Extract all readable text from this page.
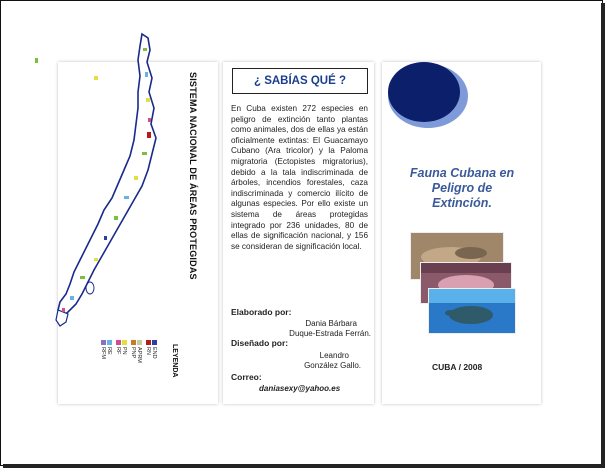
SISTEMA NACIONAL DE ÁREAS PROTEGIDAS
LEYENDA
END
RN
APRM
PNP
PN
RF
RE
RFM
¿ SABÍAS QUÉ ?
En Cuba existen 272 especies en peligro de extinción tanto plantas como animales, dos de ellas ya están oficialmente extintas: El Guacamayo Cubano (Ara tricolor) y la Paloma migratoria (Ectopistes migratorius), debido a la tala indiscriminada de árboles, incendios forestales, caza indiscriminada y comercio ilícito de algunas especies. Por ello existe un sistema de áreas protegidas integrado por 236 unidades, 80 de ellas de significación nacional, y 156 se consideran de significación local.
Elaborado por:
Dania Bárbara
Duque-Estrada Ferrán.
Diseñado por:
Leandro
González Gallo.
Correo:
daniasexy@yahoo.es
Fauna Cubana en
Peligro de
Extinción.
CUBA / 2008
